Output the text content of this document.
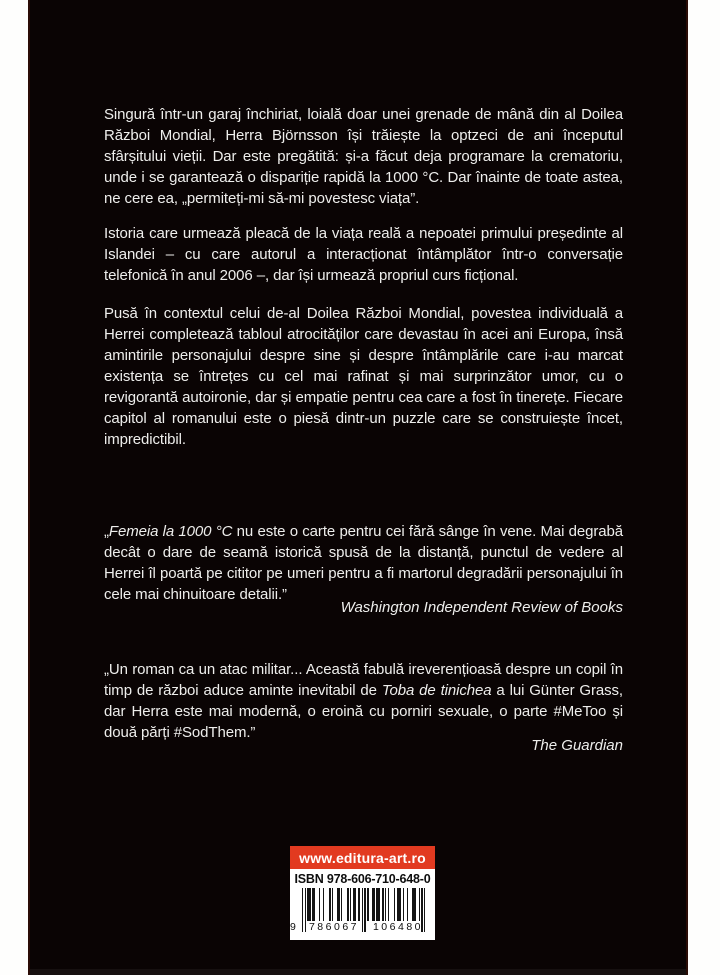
Singură într-un garaj închiriat, loială doar unei grenade de mână din al Doilea Război Mondial, Herra Björnsson își trăiește la optzeci de ani începutul sfârșitului vieții. Dar este pregătită: și-a făcut deja programare la crematoriu, unde i se garantează o dispariție rapidă la 1000 °C. Dar înainte de toate astea, ne cere ea, „permiteți-mi să-mi povestesc viața”.

Istoria care urmează pleacă de la viața reală a nepoatei primului președinte al Islandei – cu care autorul a interacționat întâmplător într-o conversație telefonică în anul 2006 –, dar își urmează propriul curs ficțional.

Pusă în contextul celui de-al Doilea Război Mondial, povestea individuală a Herrei completează tabloul atrocităților care devastau în acei ani Europa, însă amintirile personajului despre sine și despre întâmplările care i-au marcat existența se întrețes cu cel mai rafinat și mai surprinzător umor, cu o revigorantă autoironie, dar și empatie pentru cea care a fost în tinerețe. Fiecare capitol al romanului este o piesă dintr-un puzzle care se construiește încet, impredictibil.

„Femeia la 1000 °C nu este o carte pentru cei fără sânge în vene. Mai degrabă decât o dare de seamă istorică spusă de la distanță, punctul de vedere al Herrei îl poartă pe cititor pe umeri pentru a fi martorul degradării personajului în cele mai chinuitoare detalii.”

Washington Independent Review of Books

„Un roman ca un atac militar... Această fabulă ireverențioasă despre un copil în timp de război aduce aminte inevitabil de Toba de tinichea a lui Günter Grass, dar Herra este mai modernă, o eroină cu porniri sexuale, o parte #MeToo și două părți #SodThem.”

The Guardian

www.editura-art.ro
ISBN 978-606-710-648-0
9	786067	106480
